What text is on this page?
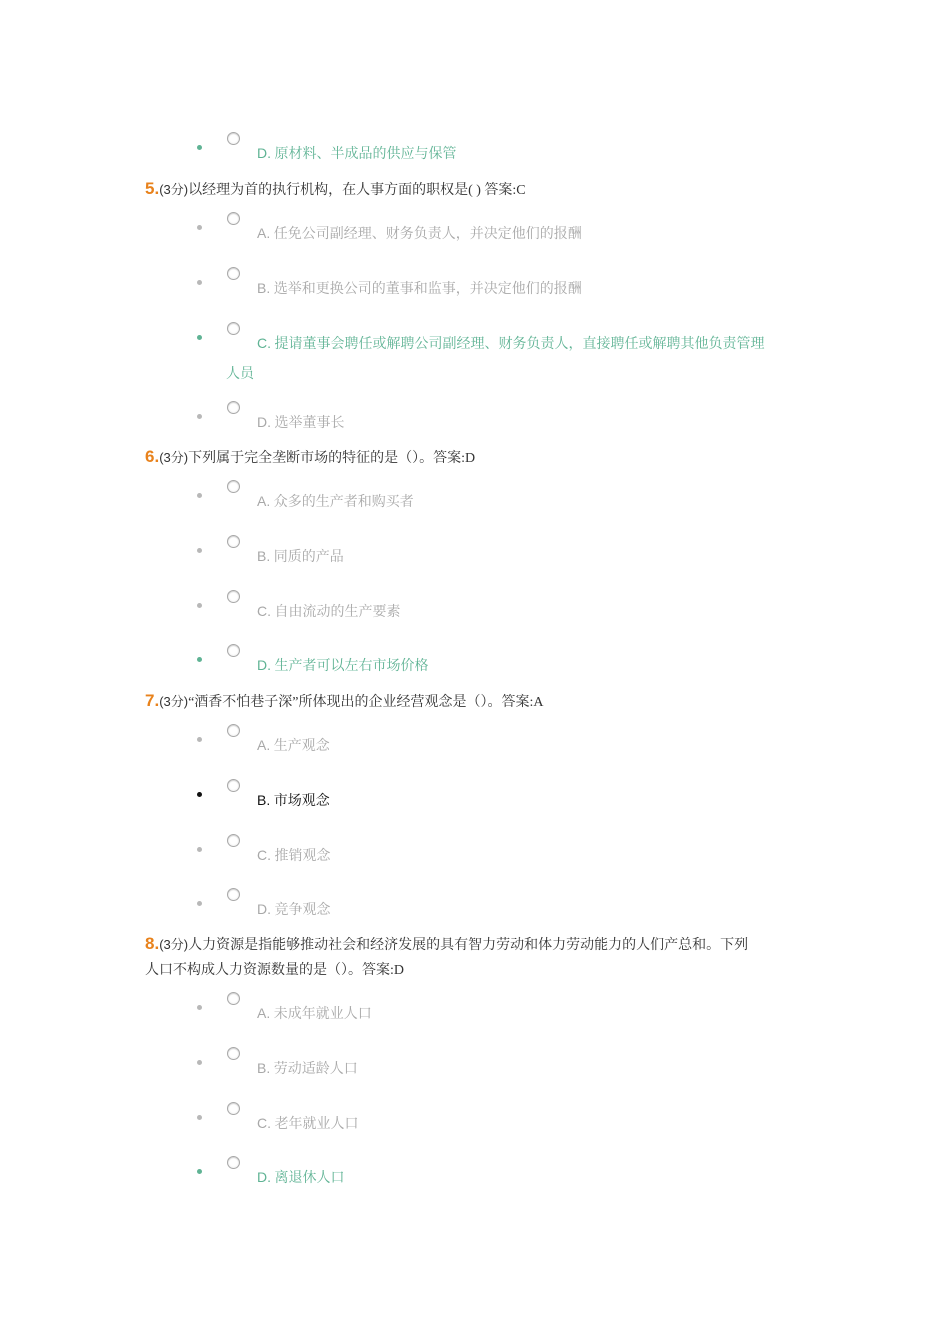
D. 原材料、半成品的供应与保管
5.(3分)以经理为首的执行机构，在人事方面的职权是( ) 答案:C
A. 任免公司副经理、财务负责人，并决定他们的报酬
B. 选举和更换公司的董事和监事，并决定他们的报酬
C. 提请董事会聘任或解聘公司副经理、财务负责人，直接聘任或解聘其他负责管理
人员
D. 选举董事长
6.(3分)下列属于完全垄断市场的特征的是（）。答案:D
A. 众多的生产者和购买者
B. 同质的产品
C. 自由流动的生产要素
D. 生产者可以左右市场价格
7.(3分)“酒香不怕巷子深”所体现出的企业经营观念是（）。答案:A
A. 生产观念
B. 市场观念
C. 推销观念
D. 竞争观念
8.(3分)人力资源是指能够推动社会和经济发展的具有智力劳动和体力劳动能力的人们产总和。下列
人口不构成人力资源数量的是（）。答案:D
A. 未成年就业人口
B. 劳动适龄人口
C. 老年就业人口
D. 离退休人口
